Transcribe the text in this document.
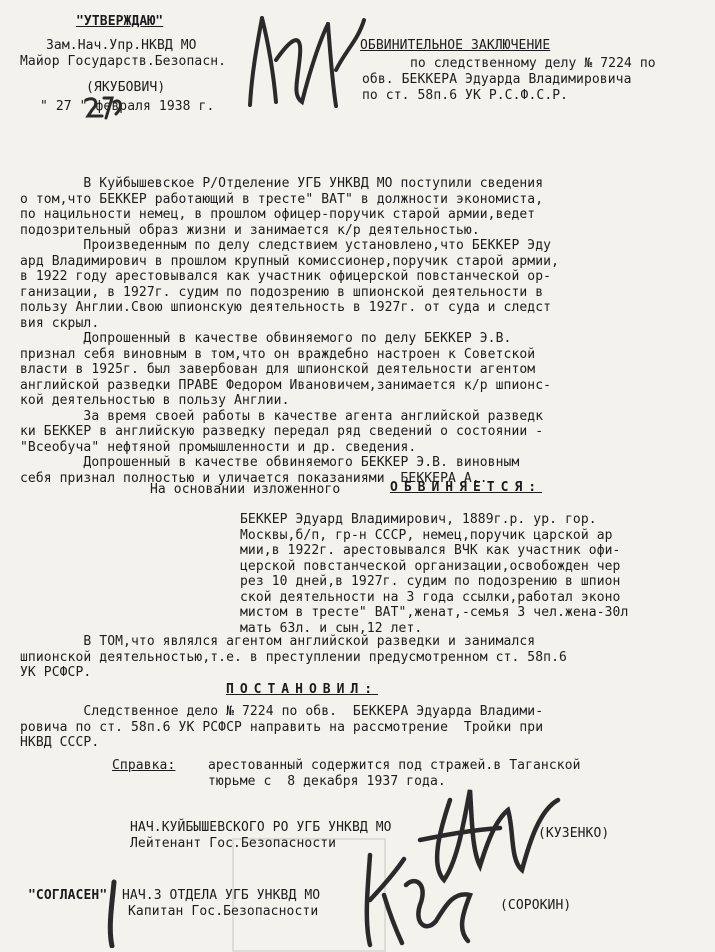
"УТВЕРЖДАЮ"
Зам.Нач.Упр.НКВД МО
Майор Государств.Безопасн.
(ЯКУБОВИЧ)
" 27 " февраля 1938 г.
ОБВИНИТЕЛЬНОЕ ЗАКЛЮЧЕНИЕ
по следственному делу № 7224 по
обв. БЕККЕРА Эдуарда Владимировича
по ст. 58п.6 УК Р.С.Ф.С.Р.
В Куйбышевское Р/Отделение УГБ УНКВД МО поступили сведения
о том,что БЕККЕР работающий в тресте" ВАТ" в должности экономиста,
по нацильности немец, в прошлом офицер-поручик старой армии,ведет
подозрительный образ жизни и занимается к/р деятельностью.
Произведенным по делу следствием установлено,что БЕККЕР Эду
ард Владимирович в прошлом крупный комиссионер,поручик старой армии,
в 1922 году арестовывался как участник офицерской повстанческой ор-
ганизации, в 1927г. судим по подозрению в шпионской деятельности в
пользу Англии.Свою шпионскую деятельность в 1927г. от суда и следст
вия скрыл.
Допрошенный в качестве обвиняемого по делу БЕККЕР Э.В.
признал себя виновным в том,что он враждебно настроен к Советской
власти в 1925г. был завербован для шпионской деятельности агентом
английской разведки ПРАВЕ Федором Ивановичем,занимается к/р шпионс-
кой деятельностью в пользу Англии.
За время своей работы в качестве агента английской разведк
ки БЕККЕР в английскую разведку передал ряд сведений о состоянии -
"Всеобуча" нефтяной промышленности и др. сведения.
Допрошенный в качестве обвиняемого БЕККЕР Э.В. виновным
себя признал полностью и уличается показаниями  БЕККЕРА А..
На основании изложенного	ОБВИНЯЕТСЯ:
БЕККЕР Эдуард Владимирович, 1889г.р. ур. гор.
Москвы,б/п, гр-н СССР, немец,поручик царской ар
мии,в 1922г. арестовывался ВЧК как участник офи-
церской повстанческой организации,освобожден чер
рез 10 дней,в 1927г. судим по подозрению в шпион
ской деятельности на 3 года ссылки,работал эконо
мистом в тресте" ВАТ",женат,-семья 3 чел.жена-30л
мать 63л. и сын,12 лет.
В ТОМ,что являлся агентом английской разведки и занимался
шпионской деятельностью,т.е. в преступлении предусмотренном ст. 58п.6
УК РСФСР.
ПОСТАНОВИЛ:
Следственное дело № 7224 по обв.  БЕККЕРА Эдуарда Владими-
ровича по ст. 58п.6 УК РСФСР направить на рассмотрение  Тройки при
НКВД СССР.
Справка:	арестованный содержится под стражей.в Таганской
тюрьме с  8 декабря 1937 года.
НАЧ.КУЙБЫШЕВСКОГО РО УГБ УНКВД МО
Лейтенант Гос.Безопасности
(КУЗЕНКО)
"СОГЛАСЕН" НАЧ.3 ОТДЕЛА УГБ УНКВД МО
Капитан Гос.Безопасности	(СОРОКИН)
